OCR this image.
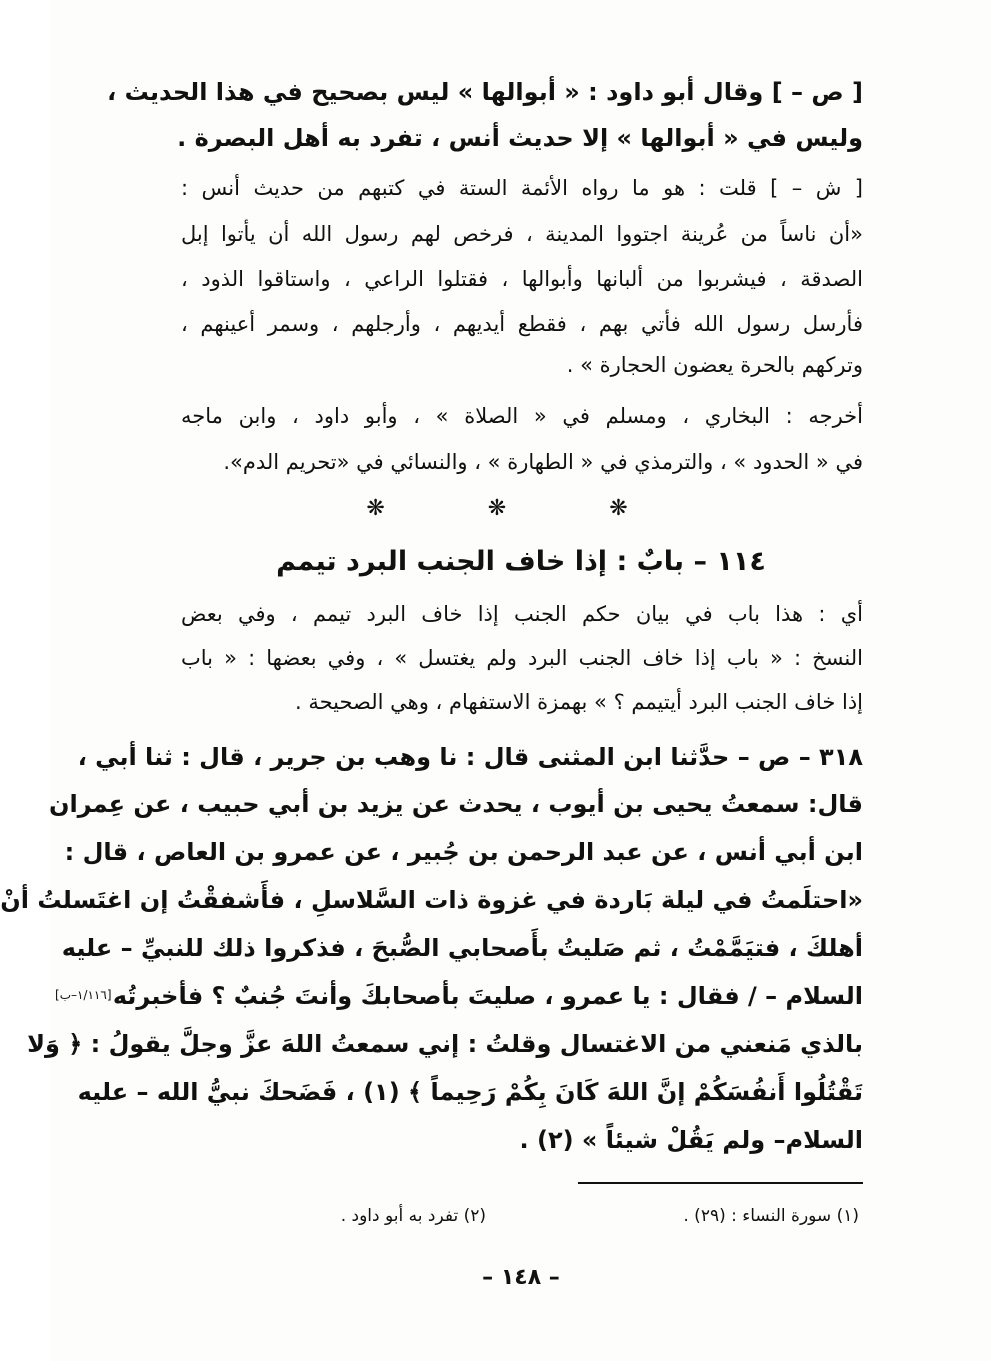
[ ص – ] وقال أبو داود : « أبوالها » ليس بصحيح في هذا الحديث ،
وليس في « أبوالها » إلا حديث أنس ، تفرد به أهل البصرة .
[ ش – ] قلت : هو ما رواه الأئمة الستة في كتبهم من حديث أنس :
«أن ناساً من عُرينة اجتووا المدينة ، فرخص لهم رسول الله أن يأتوا إبل
الصدقة ، فيشربوا من ألبانها وأبوالها ، فقتلوا الراعي ، واستاقوا الذود ،
فأرسل رسول الله فأتي بهم ، فقطع أيديهم ، وأرجلهم ، وسمر أعينهم ،
وتركهم بالحرة يعضون الحجارة » .
أخرجه : البخاري ، ومسلم في « الصلاة » ، وأبو داود ، وابن ماجه
في « الحدود » ، والترمذي في « الطهارة » ، والنسائي في «تحريم الدم».
❋ ❋ ❋
١١٤ – بابٌ : إذا خاف الجنب البرد تيمم
أي : هذا باب في بيان حكم الجنب إذا خاف البرد تيمم ، وفي بعض
النسخ : « باب إذا خاف الجنب البرد ولم يغتسل » ، وفي بعضها : « باب
إذا خاف الجنب البرد أيتيمم ؟ » بهمزة الاستفهام ، وهي الصحيحة .
٣١٨ – ص – حدَّثنا ابن المثنى قال : نا وهب بن جرير ، قال : ثنا أبي ،
قال: سمعتُ يحيى بن أيوب ، يحدث عن يزيد بن أبي حبيب ، عن عِمران
ابن أبي أنس ، عن عبد الرحمن بن جُبير ، عن عمرو بن العاص ، قال :
«احتلَمتُ في ليلة بَاردة في غزوة ذات السَّلاسلِ ، فأَشفقْتُ إن اغتَسلتُ أنْ
أهلكَ ، فتيَمَّمْتُ ، ثم صَليتُ بأَصحابي الصُّبحَ ، فذكروا ذلك للنبيِّ – عليه
السلام – / فقال : يا عمرو ، صليتَ بأصحابكَ وأنتَ جُنبٌ ؟ فأخبرتُه
بالذي مَنعني من الاغتسال وقلتُ : إني سمعتُ اللهَ عزَّ وجلَّ يقولُ : ﴿ وَلا
تَقْتُلُوا أَنفُسَكُمْ إنَّ اللهَ كَانَ بِكُمْ رَحِيماً ﴾ (١) ، فَضَحكَ نبيُّ الله – عليه
السلام– ولم يَقُلْ شيئاً » (٢) .
[١/١١٦–ب]
(١) سورة النساء : (٢٩) .
(٢) تفرد به أبو داود .
– ١٤٨ –
